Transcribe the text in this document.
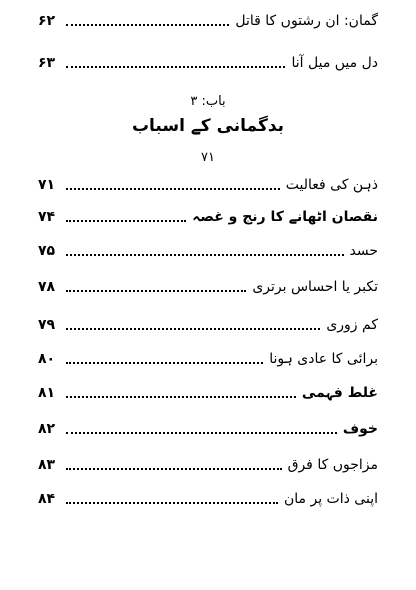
گمان: ان رشتوں کا قاتل
۶۲
دل میں میل آنا
۶۳
باب: ۳
بدگمانی کے اسباب
۷۱
ذہن کی فعالیت
۷۱
نقصان اٹھانے کا رنج و غصہ
۷۴
حسد
۷۵
تکبر یا احساس برتری
۷۸
کم زوری
۷۹
برائی کا عادی ہونا
۸۰
غلط فہمی
۸۱
خوف
۸۲
مزاجوں کا فرق
۸۳
اپنی ذات پر مان
۸۴
